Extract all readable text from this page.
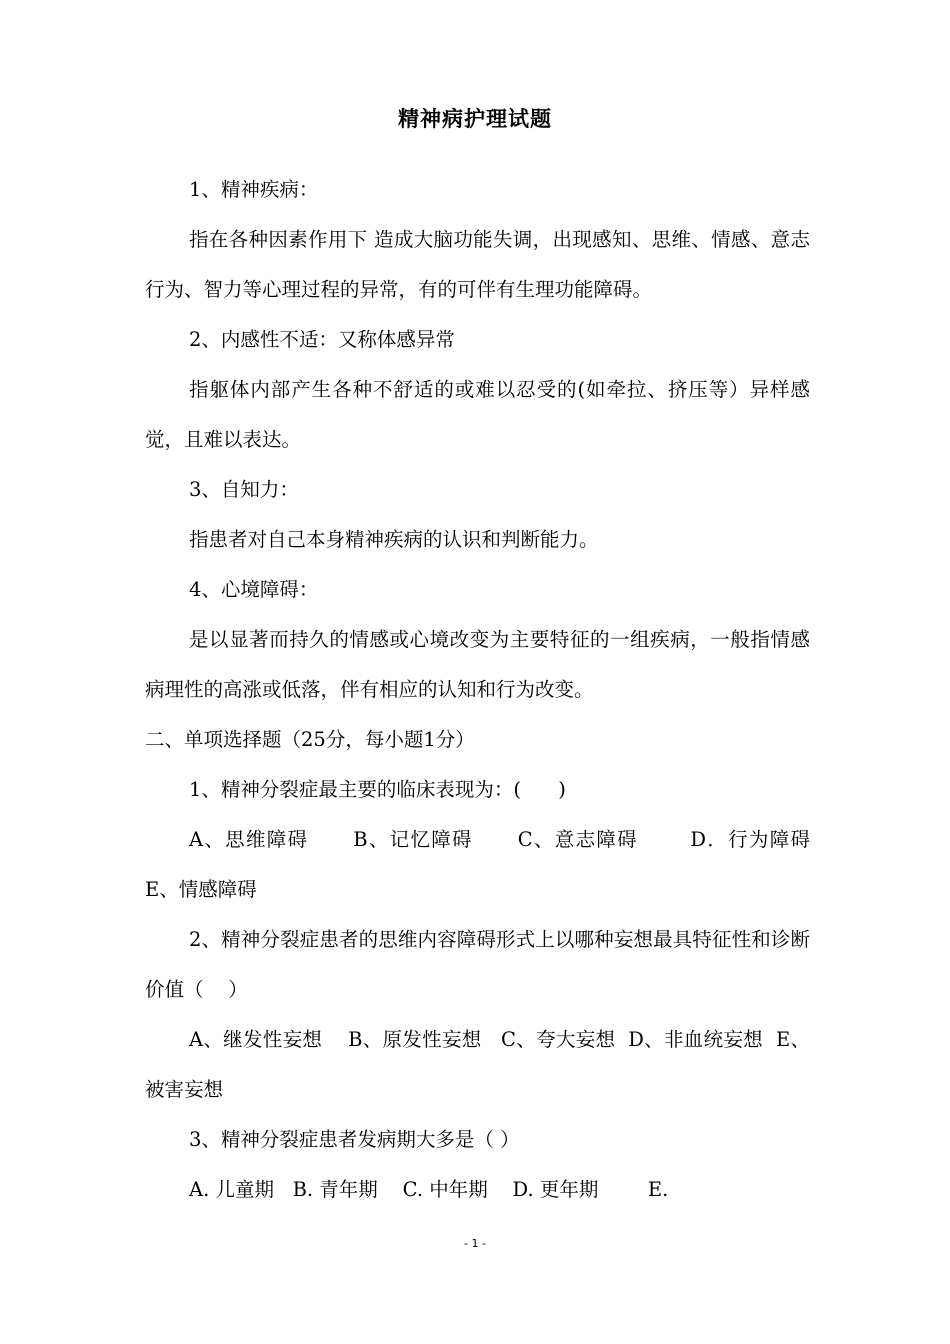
精神病护理试题

1、精神疾病：

指在各种因素作用下 造成大脑功能失调，出现感知、思维、情感、意志行为、智力等心理过程的异常，有的可伴有生理功能障碍。

2、内感性不适：又称体感异常

指躯体内部产生各种不舒适的或难以忍受的(如牵拉、挤压等）异样感觉，且难以表达。

3、自知力：

指患者对自己本身精神疾病的认识和判断能力。

4、心境障碍：

是以显著而持久的情感或心境改变为主要特征的一组疾病，一般指情感病理性的高涨或低落，伴有相应的认知和行为改变。

二、单项选择题（25分，每小题1分）

1、精神分裂症最主要的临床表现为：(      )

A、思维障碍      B、记忆障碍      C、意志障碍       D．行为障碍     E、情感障碍

2、精神分裂症患者的思维内容障碍形式上以哪种妄想最具特征性和诊断价值（    ）

A、继发性妄想    B、原发性妄想   C、夸大妄想  D、非血统妄想  E、被害妄想

3、精神分裂症患者发病期大多是（ ）

A. 儿童期   B. 青年期    C. 中年期    D. 更年期        E.

- 1 -
